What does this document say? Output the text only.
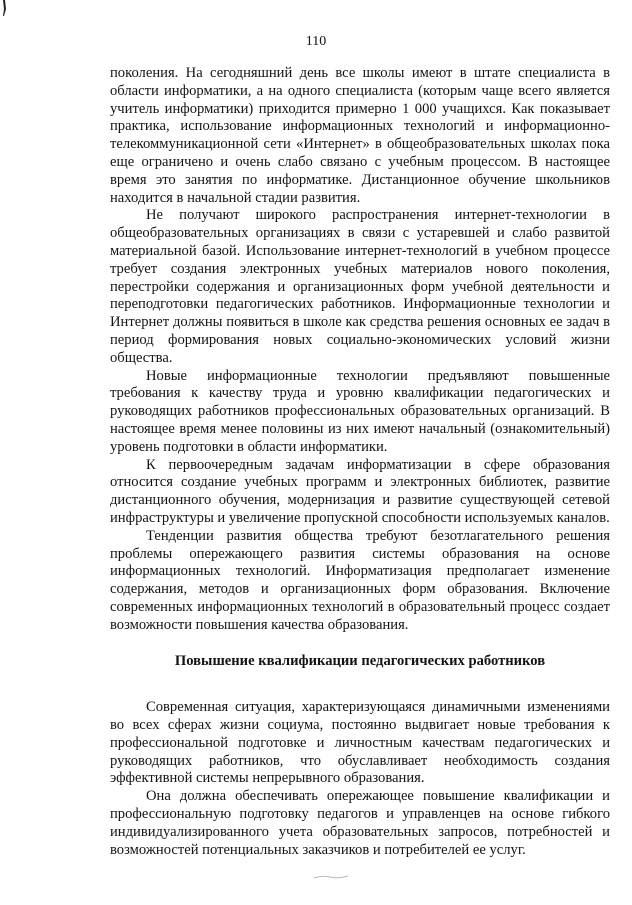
110

поколения. На сегодняшний день все школы имеют в штате специалиста в области информатики, а на одного специалиста (которым чаще всего является учитель информатики) приходится примерно 1 000 учащихся. Как показывает практика, использование информационных технологий и информационно-телекоммуникационной сети «Интернет» в общеобразовательных школах пока еще ограничено и очень слабо связано с учебным процессом. В настоящее время это занятия по информатике. Дистанционное обучение школьников находится в начальной стадии развития.

Не получают широкого распространения интернет-технологии в общеобразовательных организациях в связи с устаревшей и слабо развитой материальной базой. Использование интернет-технологий в учебном процессе требует создания электронных учебных материалов нового поколения, перестройки содержания и организационных форм учебной деятельности и переподготовки педагогических работников. Информационные технологии и Интернет должны появиться в школе как средства решения основных ее задач в период формирования новых социально-экономических условий жизни общества.

Новые информационные технологии предъявляют повышенные требования к качеству труда и уровню квалификации педагогических и руководящих работников профессиональных образовательных организаций. В настоящее время менее половины из них имеют начальный (ознакомительный) уровень подготовки в области информатики.

К первоочередным задачам информатизации в сфере образования относится создание учебных программ и электронных библиотек, развитие дистанционного обучения, модернизация и развитие существующей сетевой инфраструктуры и увеличение пропускной способности используемых каналов.

Тенденции развития общества требуют безотлагательного решения проблемы опережающего развития системы образования на основе информационных технологий. Информатизация предполагает изменение содержания, методов и организационных форм образования. Включение современных информационных технологий в образовательный процесс создает возможности повышения качества образования.

Повышение квалификации педагогических работников

Современная ситуация, характеризующаяся динамичными изменениями во всех сферах жизни социума, постоянно выдвигает новые требования к профессиональной подготовке и личностным качествам педагогических и руководящих работников, что обуславливает необходимость создания эффективной системы непрерывного образования.

Она должна обеспечивать опережающее повышение квалификации и профессиональную подготовку педагогов и управленцев на основе гибкого индивидуализированного учета образовательных запросов, потребностей и возможностей потенциальных заказчиков и потребителей ее услуг.
